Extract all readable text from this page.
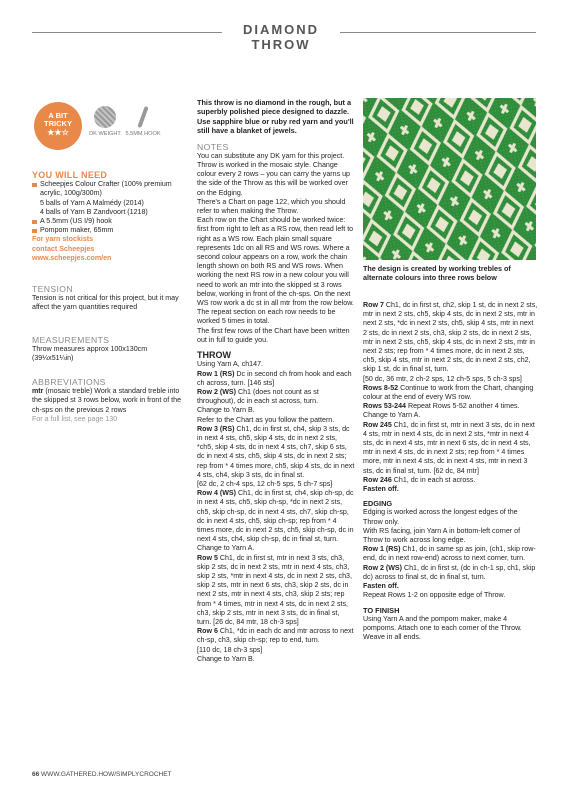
DIAMOND THROW
A BIT
TRICKY
★★☆	DK WEIGHT 5.5MM HOOK
YOU WILL NEED
Scheepjes Colour Crafter (100% premium acrylic, 100g/300m)
5 balls of Yarn A Malmédy (2014)
4 balls of Yarn B Zandvoort (1218)
A 5.5mm (US I/9) hook
Pompom maker, 65mm
For yarn stockists
contact Scheepjes
www.scheepjes.com/en
TENSION
Tension is not critical for this project, but it may affect the yarn quantities required
MEASUREMENTS
Throw measures approx 100x130cm (39¼x51¼in)
ABBREVIATIONS
mtr (mosaic treble) Work a standard treble into the skipped st 3 rows below, work in front of the ch-sps on the previous 2 rows
For a full list, see page 130
This throw is no diamond in the rough, but a superbly polished piece designed to dazzle. Use sapphire blue or ruby red yarn and you'll still have a blanket of jewels.
NOTES

You can substitute any DK yarn for this project. Throw is worked in the mosaic style. Change colour every 2 rows – you can carry the yarns up the side of the Throw as this will be worked over on the Edging.

There's a Chart on page 122, which you should refer to when making the Throw.

Each row on the Chart should be worked twice: first from right to left as a RS row, then read left to right as a WS row. Each plain small square represents 1dc on all RS and WS rows. Where a second colour appears on a row, work the chain length shown on both RS and WS rows. When working the next RS row in a new colour you will need to work an mtr into the skipped st 3 rows below, working in front of the ch-sps. On the next WS row work a dc st in all mtr from the row below.

The repeat section on each row needs to be worked 5 times in total.

The first few rows of the Chart have been written out in full to guide you.

THROW

Using Yarn A, ch147.

Row 1 (RS) Dc in second ch from hook and each ch across, turn. [146 sts]

Row 2 (WS) Ch1 (does not count as st throughout), dc in each st across, turn.

Change to Yarn B.

Refer to the Chart as you follow the pattern.

Row 3 (RS) Ch1, dc in first st, ch4, skip 3 sts, dc in next 4 sts, ch5, skip 4 sts, dc in next 2 sts, *ch5, skip 4 sts, dc in next 4 sts, ch7, skip 6 sts, dc in next 4 sts, ch5, skip 4 sts, dc in next 2 sts; rep from * 4 times more, ch5, skip 4 sts, dc in next 4 sts, ch4, skip 3 sts, dc in final st.

[62 dc, 2 ch-4 sps, 12 ch-5 sps, 5 ch-7 sps]

Row 4 (WS) Ch1, dc in first st, ch4, skip ch-sp, dc in next 4 sts, ch5, skip ch-sp, *dc in next 2 sts, ch5, skip ch-sp, dc in next 4 sts, ch7, skip ch-sp, dc in next 4 sts, ch5, skip ch-sp; rep from * 4 times more, dc in next 2 sts, ch5, skip ch-sp, dc in next 4 sts, ch4, skip ch-sp, dc in final st, turn.

Change to Yarn A.

Row 5 Ch1, dc in first st, mtr in next 3 sts, ch3, skip 2 sts, dc in next 2 sts, mtr in next 4 sts, ch3, skip 2 sts, *mtr in next 4 sts, dc in next 2 sts, ch3, skip 2 sts, mtr in next 6 sts, ch3, skip 2 sts, dc in next 2 sts, mtr in next 4 sts, ch3, skip 2 sts; rep from * 4 times, mtr in next 4 sts, dc in next 2 sts, ch3, skip 2 sts, mtr in next 3 sts, dc in final st, turn. [26 dc, 84 mtr, 18 ch-3 sps]

Row 6 Ch1, *dc in each dc and mtr across to next ch-sp, ch3, skip ch-sp; rep to end, turn.

[110 dc, 18 ch-3 sps]

Change to Yarn B.

The design is created by working trebles of alternate colours into three rows below

Row 7 Ch1, dc in first st, ch2, skip 1 st, dc in next 2 sts, mtr in next 2 sts, ch5, skip 4 sts, dc in next 2 sts, mtr in next 2 sts, *dc in next 2 sts, ch5, skip 4 sts, mtr in next 2 sts, dc in next 2 sts, ch3, skip 2 sts, dc in next 2 sts, mtr in next 2 sts, ch5, skip 4 sts, dc in next 2 sts, mtr in next 2 sts; rep from * 4 times more, dc in next 2 sts, ch5, skip 4 sts, mtr in next 2 sts, dc in next 2 sts, ch2, skip 1 st, dc in final st, turn.

[50 dc, 36 mtr, 2 ch-2 sps, 12 ch-5 sps, 5 ch-3 sps]

Rows 8-52 Continue to work from the Chart, changing colour at the end of every WS row.

Rows 53-244 Repeat Rows 5-52 another 4 times.

Change to Yarn A.

Row 245 Ch1, dc in first st, mtr in next 3 sts, dc in next 4 sts, mtr in next 4 sts, dc in next 2 sts, *mtr in next 4 sts, dc in next 4 sts, mtr in next 6 sts, dc in next 4 sts, mtr in next 4 sts, dc in next 2 sts; rep from * 4 times more, mtr in next 4 sts, dc in next 4 sts, mtr in next 3 sts, dc in final st, turn. [62 dc, 84 mtr]

Row 246 Ch1, dc in each st across.

Fasten off.

EDGING

Edging is worked across the longest edges of the Throw only.

With RS facing, join Yarn A in bottom-left corner of Throw to work across long edge.

Row 1 (RS) Ch1, dc in same sp as join, (ch1, skip row-end, dc in next row-end) across to next corner, turn.

Row 2 (WS) Ch1, dc in first st, (dc in ch-1 sp, ch1, skip dc) across to final st, dc in final st, turn.

Fasten off.

Repeat Rows 1-2 on opposite edge of Throw.

TO FINISH

Using Yarn A and the pompom maker, make 4 pompoms. Attach one to each corner of the Throw.

Weave in all ends.

66 WWW.GATHERED.HOW/SIMPLYCROCHET
